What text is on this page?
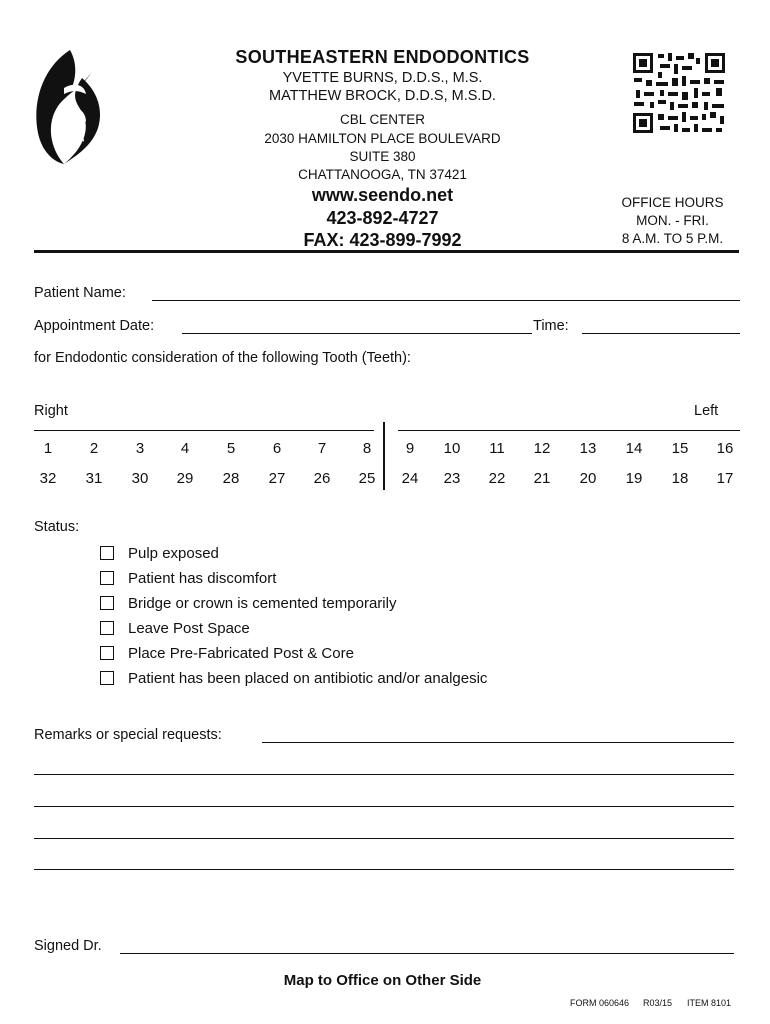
SOUTHEASTERN ENDODONTICS
YVETTE BURNS, D.D.S., M.S.
MATTHEW BROCK, D.D.S, M.S.D.
CBL CENTER
2030 HAMILTON PLACE BOULEVARD
SUITE 380
CHATTANOOGA, TN 37421
www.seendo.net
423-892-4727
FAX: 423-899-7992
OFFICE HOURS
MON. - FRI.
8 A.M. TO 5 P.M.
Patient Name:
Appointment Date:	Time:
for Endodontic consideration of the following Tooth (Teeth):
Right	Left
1	2	3	4	5	6	7	8	9	10	11	12	13	14	15	16
32	31	30	29	28	27	26	25	24	23	22	21	20	19	18	17
Status:
Pulp exposed
Patient has discomfort
Bridge or crown is cemented temporarily
Leave Post Space
Place Pre-Fabricated Post & Core
Patient has been placed on antibiotic and/or analgesic
Remarks or special requests:
Signed Dr.
Map to Office on Other Side
FORM 060646 R03/15 ITEM 8101
